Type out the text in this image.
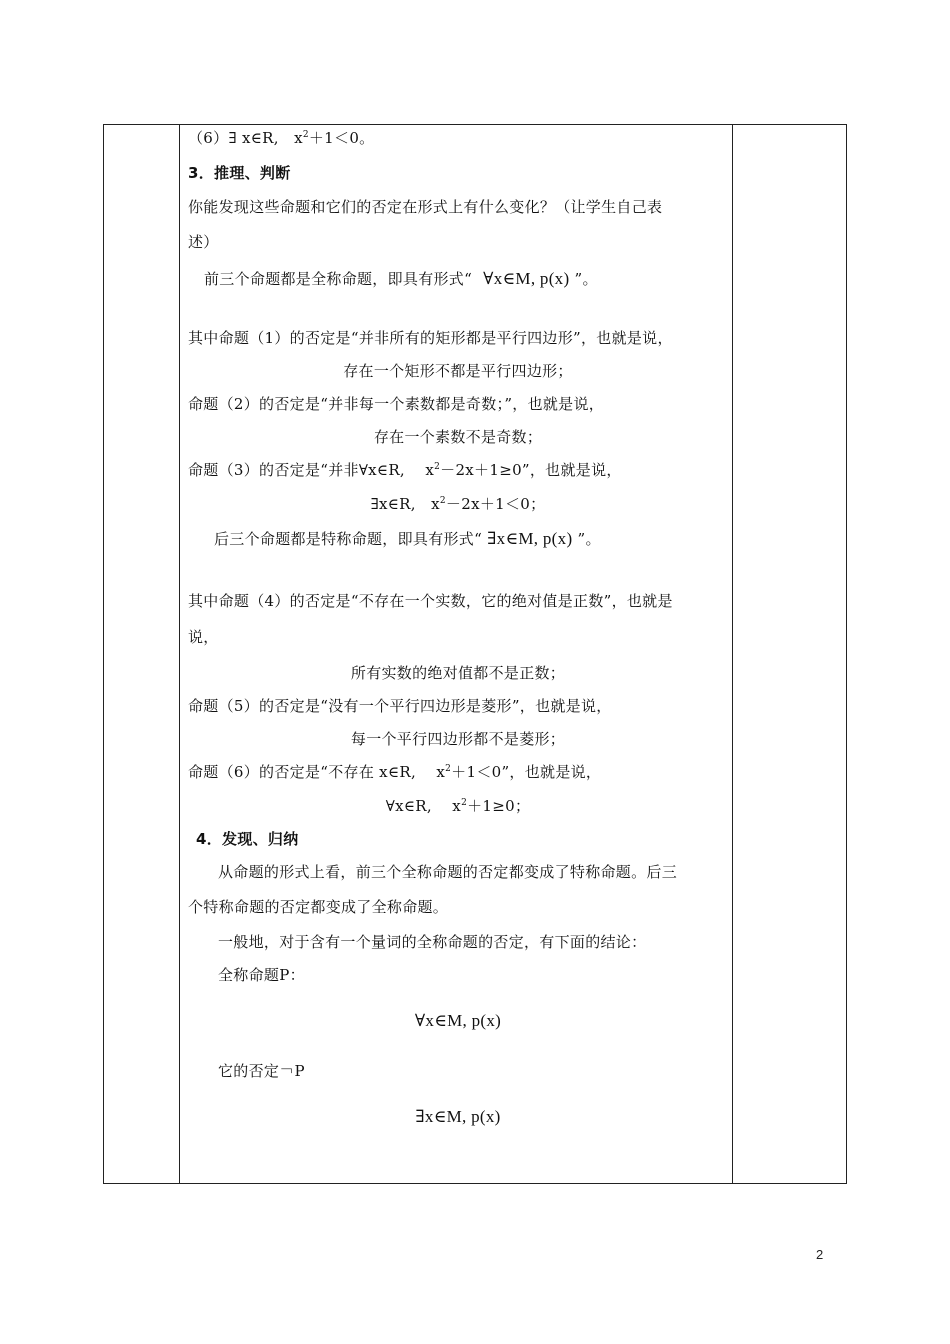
（6）∃ x∈R,　$x^2+1<0$。
3．推理、判断
你能发现这些命题和它们的否定在形式上有什么变化？（让学生自己表
述）
前三个命题都是全称命题，即具有形式“ ∀x∈M, p(x) ”。
其中命题（1）的否定是“并非所有的矩形都是平行四边形”，也就是说，
存在一个矩形不都是平行四边形；
命题（2）的否定是“并非每一个素数都是奇数；”，也就是说，
存在一个素数不是奇数；
命题（3）的否定是“并非∀x∈R,　 $x^2-2x+1\ge 0$”，也就是说，
∃x∈R,　$x^2-2x+1<0$；
后三个命题都是特称命题，即具有形式“ ∃x∈M, p(x) ”。
其中命题（4）的否定是“不存在一个实数，它的绝对值是正数”，也就是
说，
所有实数的绝对值都不是正数；
命题（5）的否定是“没有一个平行四边形是菱形”，也就是说，
每一个平行四边形都不是菱形；
命题（6）的否定是“不存在 x∈R,　 $x^2+1<0$”，也就是说，
∀x∈R,　 $x^2+1\ge 0$；
4．发现、归纳
从命题的形式上看，前三个全称命题的否定都变成了特称命题。后三
个特称命题的否定都变成了全称命题。
一般地，对于含有一个量词的全称命题的否定，有下面的结论：
全称命题P：
∀x∈M, p(x)
它的否定￢P
∃x∈M, p(x)
2
